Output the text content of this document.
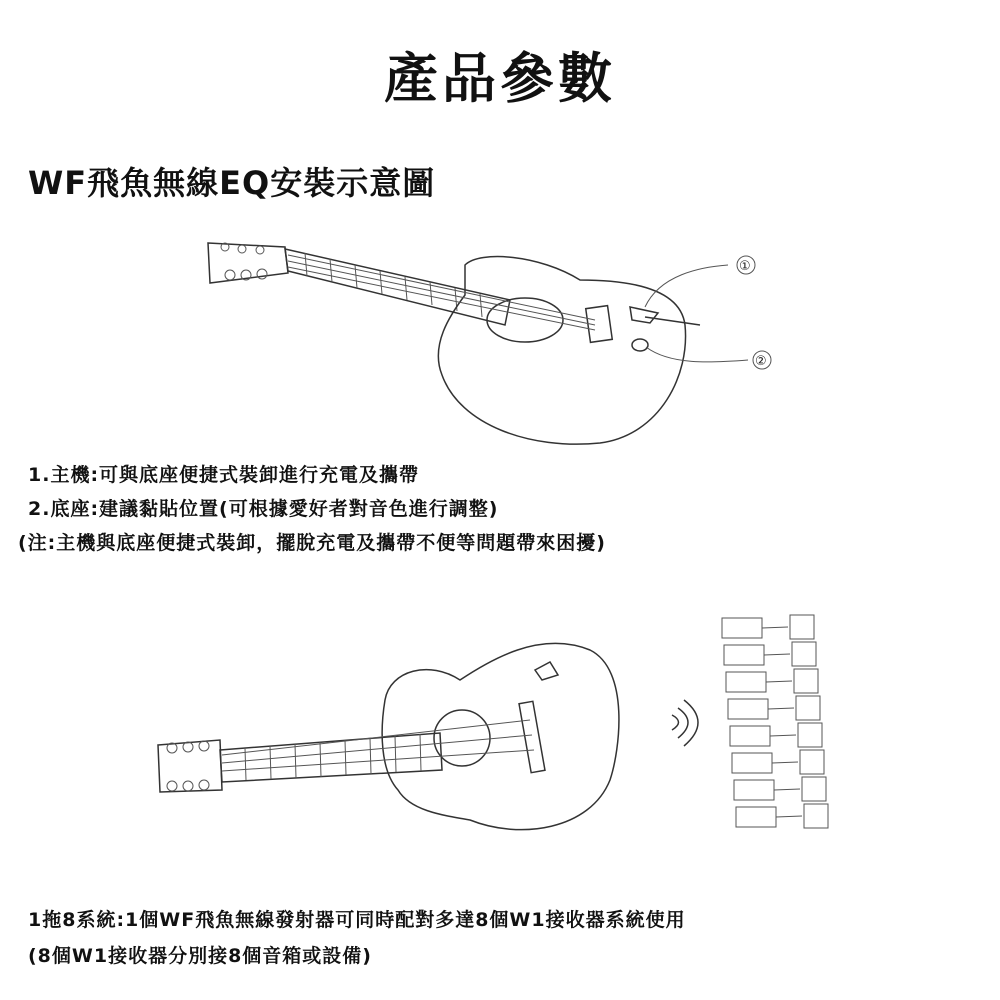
產品參數
WF飛魚無線EQ安裝示意圖
①
②
1.主機:可與底座便捷式裝卸進行充電及攜帶
2.底座:建議黏貼位置(可根據愛好者對音色進行調整)
(注:主機與底座便捷式裝卸，擺脫充電及攜帶不便等問題帶來困擾)
1拖8系統:1個WF飛魚無線發射器可同時配對多達8個W1接收器系統使用
(8個W1接收器分別接8個音箱或設備)
